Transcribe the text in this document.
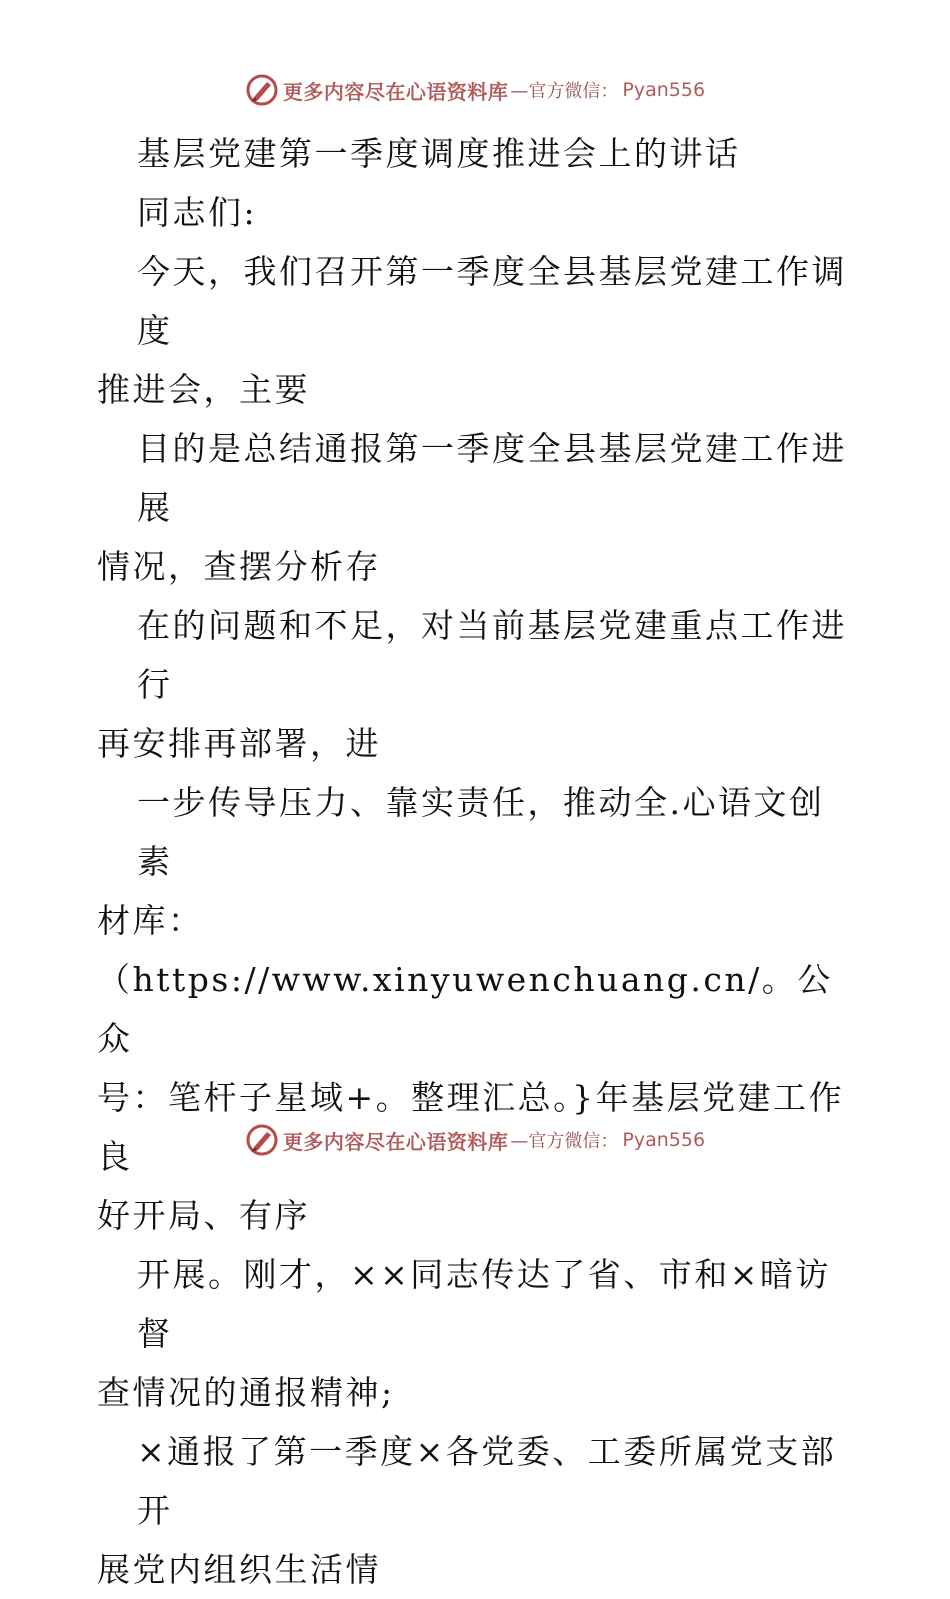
更多内容尽在心语资料库 —官方微信： Pyan556

基层党建第一季度调度推进会上的讲话

同志们:

今天，我们召开第一季度全县基层党建工作调度

推进会，主要

目的是总结通报第一季度全县基层党建工作进展

情况，查摆分析存

在的问题和不足，对当前基层党建重点工作进行

再安排再部署，进

一步传导压力、靠实责任，推动全.心语文创素

材库：（https://www.xinyuwenchuang.cn/。公众

号：笔杆子星域+。整理汇总。}年基层党建工作良

好开局、有序

开展。刚才，××同志传达了省、市和×暗访督

查情况的通报精神;

×通报了第一季度×各党委、工委所属党支部开

展党内组织生活情

更多内容尽在心语资料库 —官方微信： Pyan556
